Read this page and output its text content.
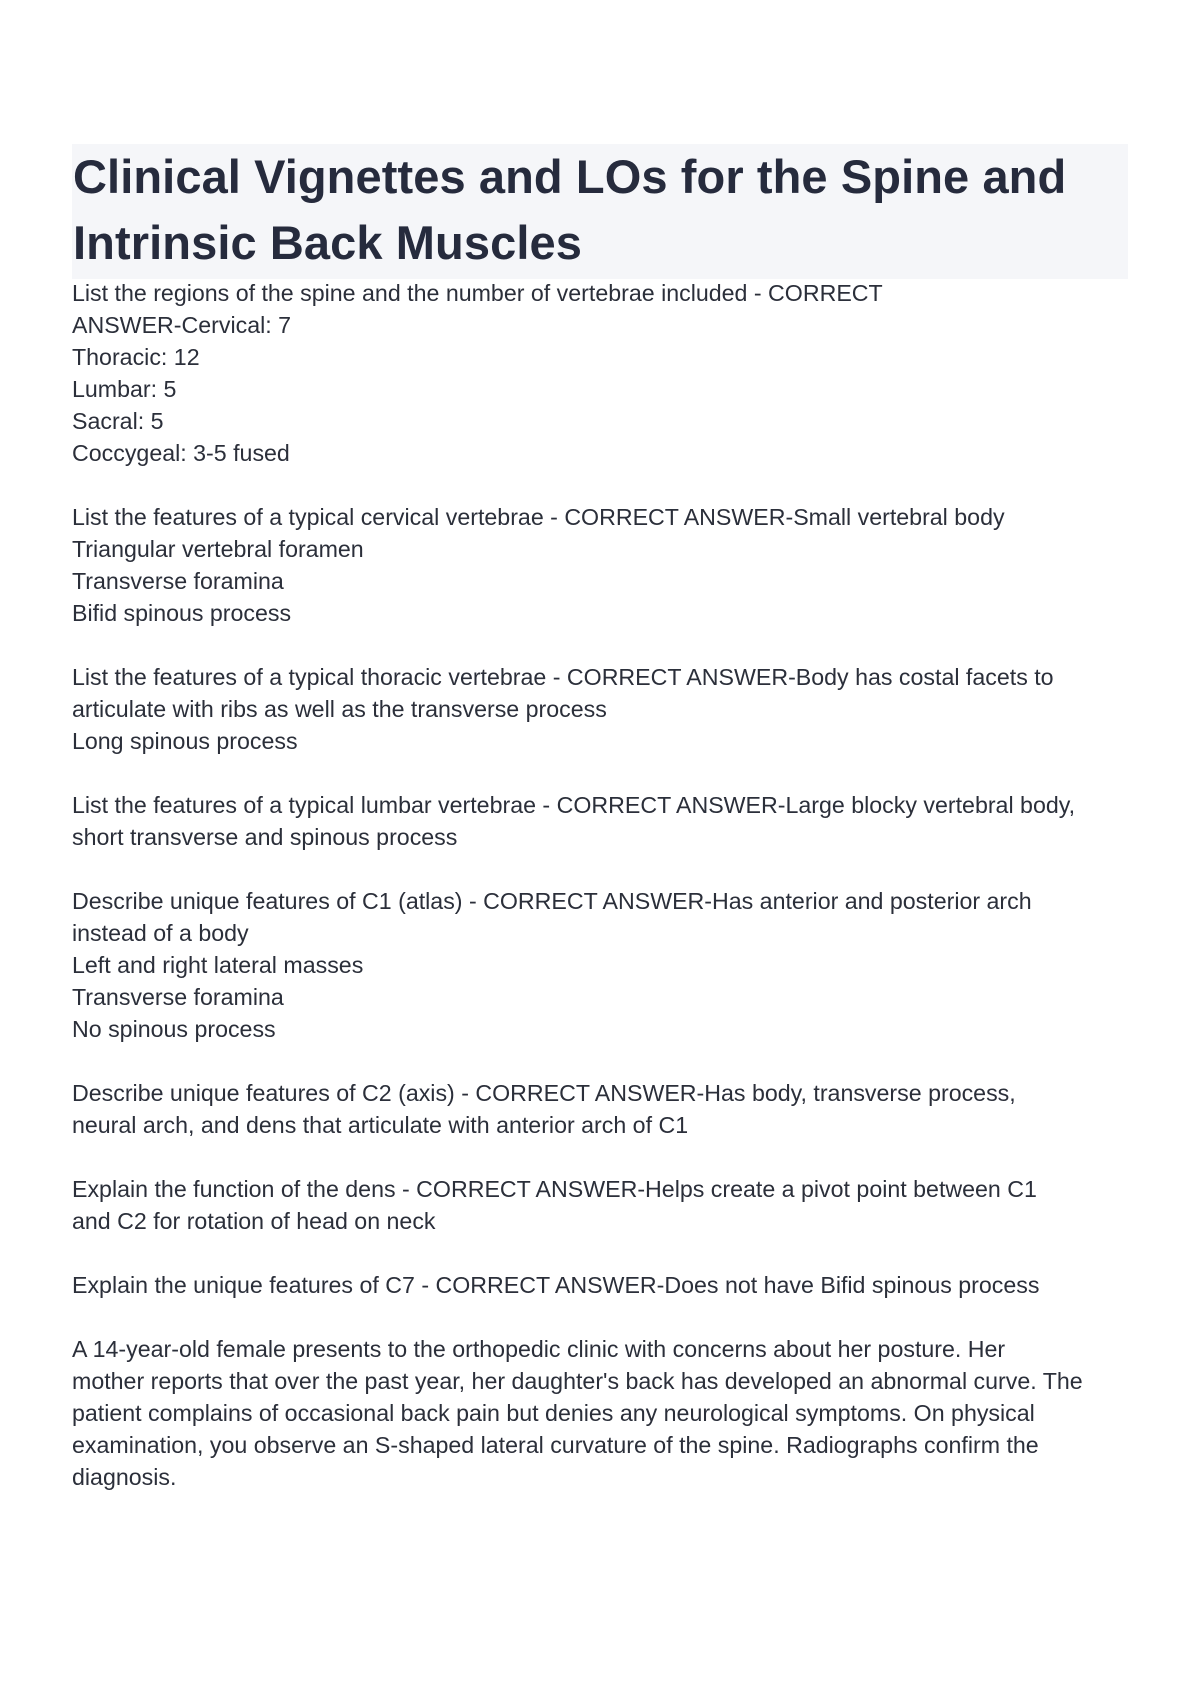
Clinical Vignettes and LOs for the Spine and
Intrinsic Back Muscles
List the regions of the spine and the number of vertebrae included - CORRECT
ANSWER-Cervical: 7
Thoracic: 12
Lumbar: 5
Sacral: 5
Coccygeal: 3-5 fused
List the features of a typical cervical vertebrae - CORRECT ANSWER-Small vertebral body
Triangular vertebral foramen
Transverse foramina
Bifid spinous process
List the features of a typical thoracic vertebrae - CORRECT ANSWER-Body has costal facets to
articulate with ribs as well as the transverse process
Long spinous process
List the features of a typical lumbar vertebrae - CORRECT ANSWER-Large blocky vertebral body,
short transverse and spinous process
Describe unique features of C1 (atlas) - CORRECT ANSWER-Has anterior and posterior arch
instead of a body
Left and right lateral masses
Transverse foramina
No spinous process
Describe unique features of C2 (axis) - CORRECT ANSWER-Has body, transverse process,
neural arch, and dens that articulate with anterior arch of C1
Explain the function of the dens - CORRECT ANSWER-Helps create a pivot point between C1
and C2 for rotation of head on neck
Explain the unique features of C7 - CORRECT ANSWER-Does not have Bifid spinous process
A 14-year-old female presents to the orthopedic clinic with concerns about her posture. Her
mother reports that over the past year, her daughter's back has developed an abnormal curve. The
patient complains of occasional back pain but denies any neurological symptoms. On physical
examination, you observe an S-shaped lateral curvature of the spine. Radiographs confirm the
diagnosis.
